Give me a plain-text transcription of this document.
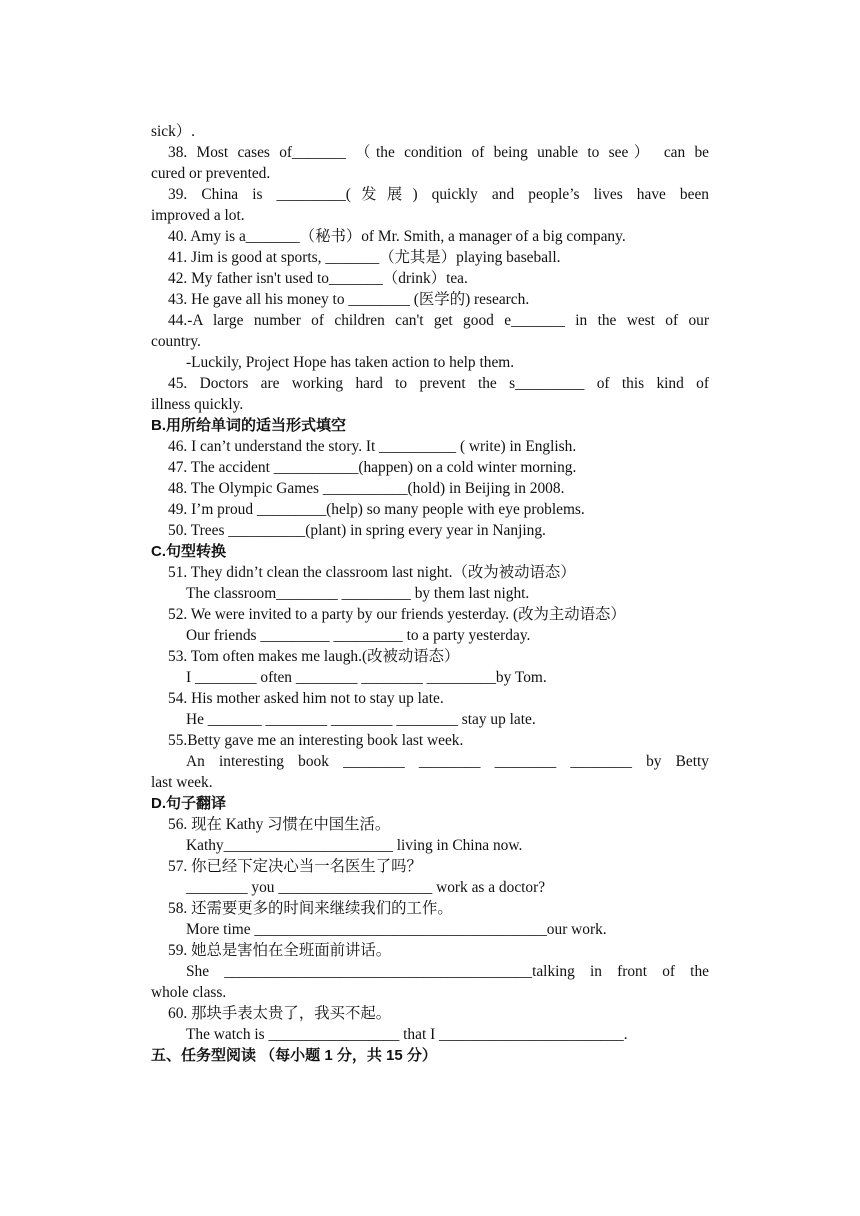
sick）.
38. Most cases of_______ （the condition of being unable to see） can be
cured or prevented.
39. China is _________(发展) quickly and people’s lives have been
improved a lot.
40. Amy is a_______（秘书）of Mr. Smith, a manager of a big company.
41. Jim is good at sports, _______（尤其是）playing baseball.
42. My father isn't used to_______（drink）tea.
43. He gave all his money to ________ (医学的) research.
44.-A large number of children can't get good e_______ in the west of our
country.
-Luckily, Project Hope has taken action to help them.
45. Doctors are working hard to prevent the s_________ of this kind of
illness quickly.
B.用所给单词的适当形式填空
46. I can’t understand the story. It __________ ( write) in English.
47. The accident ___________(happen) on a cold winter morning.
48. The Olympic Games ___________(hold) in Beijing in 2008.
49. I’m proud _________(help) so many people with eye problems.
50. Trees __________(plant) in spring every year in Nanjing.
C.句型转换
51. They didn’t clean the classroom last night.（改为被动语态）
The classroom________ _________ by them last night.
52. We were invited to a party by our friends yesterday. (改为主动语态）
Our friends _________ _________ to a party yesterday.
53. Tom often makes me laugh.(改被动语态）
I ________ often ________ ________ _________by Tom.
54. His mother asked him not to stay up late.
He _______ ________ ________ ________ stay up late.
55.Betty gave me an interesting book last week.
An interesting book ________ ________ ________ ________ by Betty
last week.
D.句子翻译
56. 现在 Kathy 习惯在中国生活。
Kathy______________________ living in China now.
57. 你已经下定决心当一名医生了吗？
________ you ____________________ work as a doctor?
58. 还需要更多的时间来继续我们的工作。
More time ______________________________________our work.
59. 她总是害怕在全班面前讲话。
She ________________________________________talking in front of the
whole class.
60. 那块手表太贵了，我买不起。
The watch is _________________ that I ________________________.
五、任务型阅读 （每小题 1 分，共 15 分）
